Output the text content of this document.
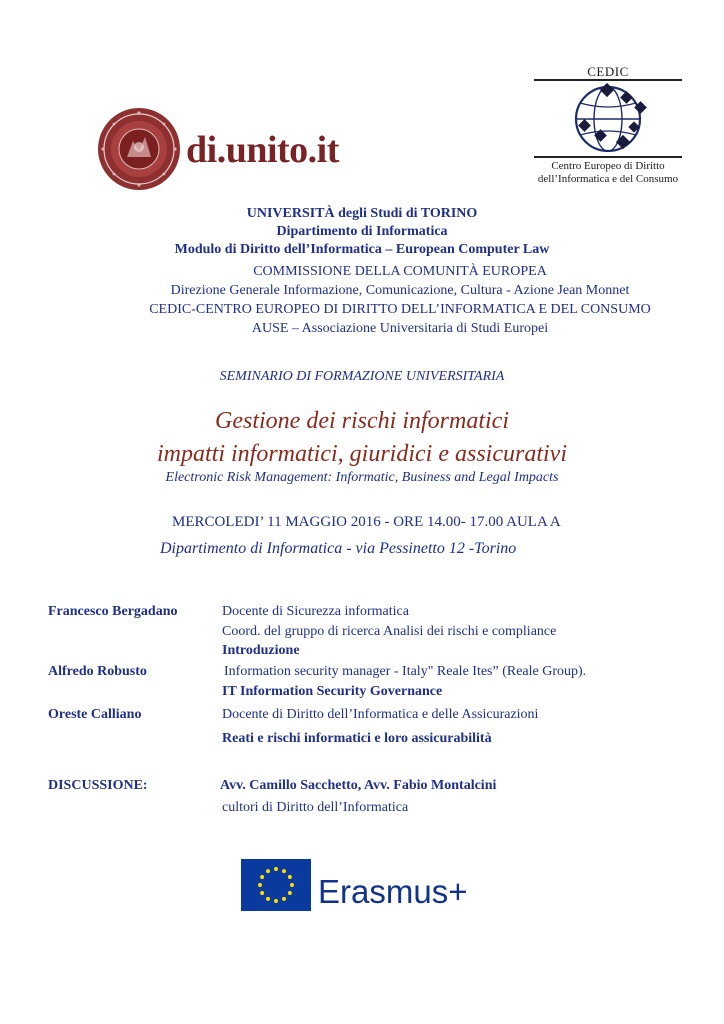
di.unito.it
CEDIC
Centro Europeo di Diritto
dell’Informatica e del Consumo
UNIVERSITÀ degli Studi di TORINO
Dipartimento di Informatica
Modulo di Diritto dell’Informatica – European Computer Law
COMMISSIONE DELLA COMUNITÀ EUROPEA
Direzione Generale Informazione, Comunicazione, Cultura - Azione Jean Monnet
CEDIC-CENTRO EUROPEO DI DIRITTO DELL’INFORMATICA E DEL CONSUMO
AUSE – Associazione Universitaria di Studi Europei
SEMINARIO DI FORMAZIONE UNIVERSITARIA
Gestione dei rischi informatici
impatti informatici, giuridici e assicurativi
Electronic Risk Management: Informatic, Business and Legal Impacts
MERCOLEDI’ 11 MAGGIO 2016 - ORE 14.00- 17.00 AULA A
Dipartimento di Informatica - via Pessinetto 12 -Torino
Francesco Bergadano	Docente di Sicurezza informatica
Coord. del gruppo di ricerca Analisi dei rischi e compliance
Introduzione
Alfredo Robusto	Information security manager - Italy" Reale Ites” (Reale Group).
IT Information Security Governance
Oreste Calliano	Docente di Diritto dell’Informatica e delle Assicurazioni
Reati e rischi informatici e loro assicurabilità
DISCUSSIONE:	Avv. Camillo Sacchetto, Avv. Fabio Montalcini
cultori di Diritto dell’Informatica
Erasmus+
